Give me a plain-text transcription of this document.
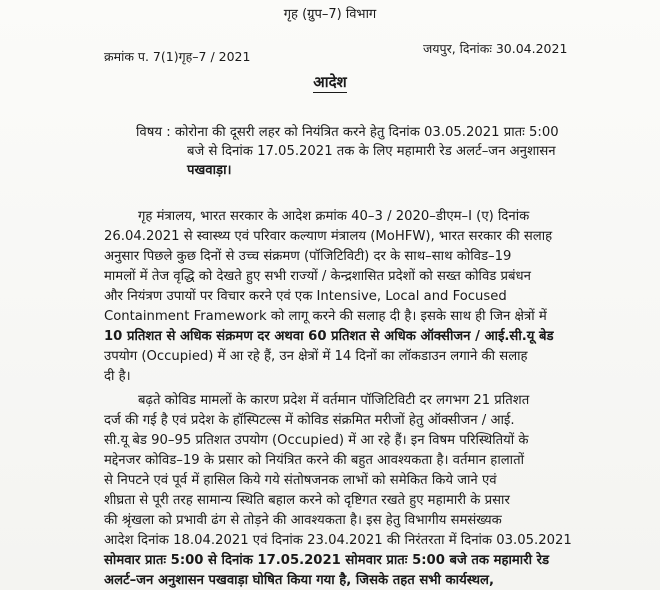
गृह (ग्रुप–7) विभाग
क्रमांक प. 7(1)गृह–7 / 2021
जयपुर, दिनांकः 30.04.2021
आदेश
विषय : कोरोना की दूसरी लहर को नियंत्रित करने हेतु दिनांक 03.05.2021 प्रातः 5:00
बजे से दिनांक 17.05.2021 तक के लिए महामारी रेड अलर्ट–जन अनुशासन
पखवाड़ा।
गृह मंत्रालय, भारत सरकार के आदेश क्रमांक 40–3 / 2020–डीएम–I (ए) दिनांक
26.04.2021 से स्वास्थ्य एवं परिवार कल्याण मंत्रालय (MoHFW), भारत सरकार की सलाह
अनुसार पिछले कुछ दिनों से उच्च संक्रमण (पॉजिटिविटी) दर के साथ–साथ कोविड–19
मामलों में तेज वृद्धि को देखते हुए सभी राज्यों / केन्द्रशासित प्रदेशों को सख्त कोविड प्रबंधन
और नियंत्रण उपायों पर विचार करने एवं एक Intensive, Local and Focused
Containment Framework को लागू करने की सलाह दी है। इसके साथ ही जिन क्षेत्रों में
10 प्रतिशत से अधिक संक्रमण दर अथवा 60 प्रतिशत से अधिक ऑक्सीजन / आई.सी.यू बेड
उपयोग (Occupied) में आ रहे हैं, उन क्षेत्रों में 14 दिनों का लॉकडाउन लगाने की सलाह
दी है।
बढ़ते कोविड मामलों के कारण प्रदेश में वर्तमान पॉजिटिविटी दर लगभग 21 प्रतिशत
दर्ज की गई है एवं प्रदेश के हॉस्पिटल्स में कोविड संक्रमित मरीजों हेतु ऑक्सीजन / आई.
सी.यू बेड 90–95 प्रतिशत उपयोग (Occupied) में आ रहे हैं। इन विषम परिस्थितियों के
मद्देनजर कोविड–19 के प्रसार को नियंत्रित करने की बहुत आवश्यकता है। वर्तमान हालातों
से निपटने एवं पूर्व में हासिल किये गये संतोषजनक लाभों को समेकित किये जाने एवं
शीघ्रता से पूरी तरह सामान्य स्थिति बहाल करने को दृष्टिगत रखते हुए महामारी के प्रसार
की श्रृंखला को प्रभावी ढंग से तोड़ने की आवश्यकता है। इस हेतु विभागीय समसंख्यक
आदेश दिनांक 18.04.2021 एवं दिनांक 23.04.2021 की निरंतरता में दिनांक 03.05.2021
सोमवार प्रातः 5:00 से दिनांक 17.05.2021 सोमवार प्रातः 5:00 बजे तक महामारी रेड
अलर्ट–जन अनुशासन पखवाड़ा घोषित किया गया है, जिसके तहत सभी कार्यस्थल,
